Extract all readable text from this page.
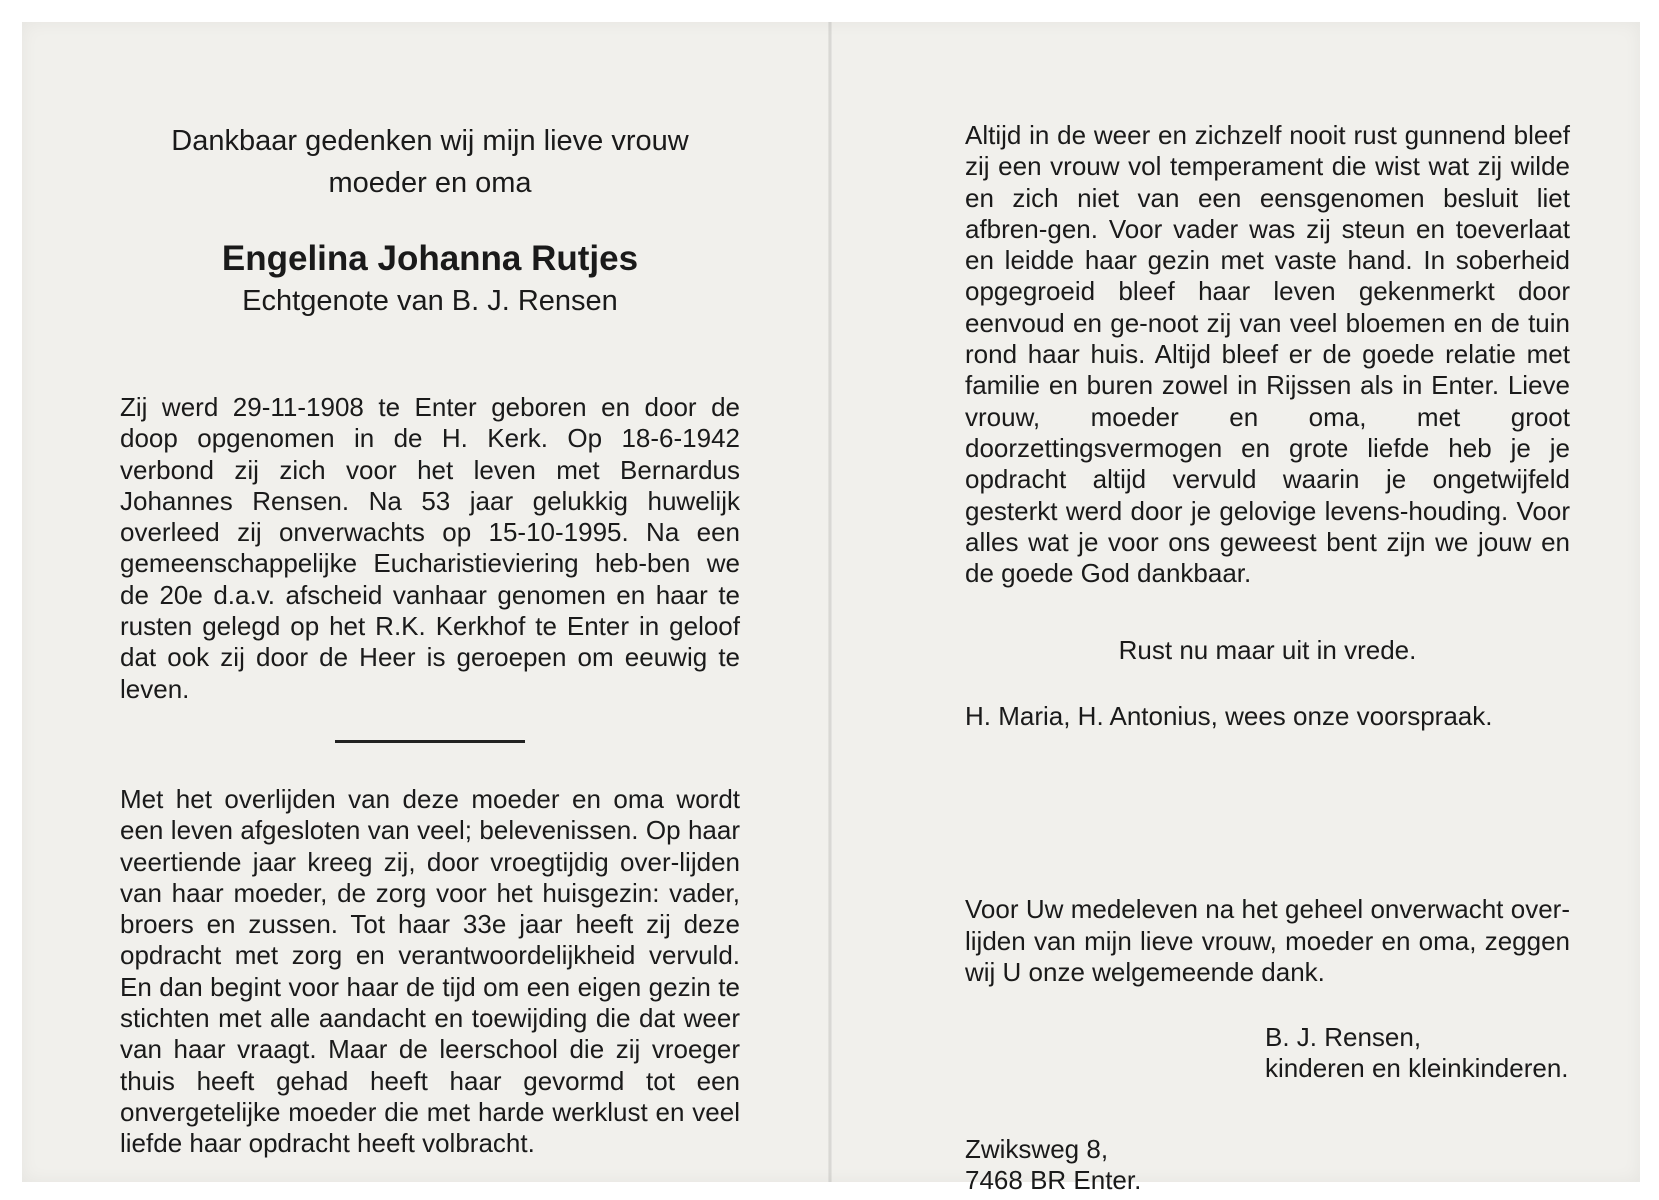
Dankbaar gedenken wij mijn lieve vrouw
moeder en oma

Engelina Johanna Rutjes

Echtgenote van B. J. Rensen

Zij werd 29-11-1908 te Enter geboren en door de doop opgenomen in de H. Kerk. Op 18-6-1942 verbond zij zich voor het leven met Bernardus Johannes Rensen. Na 53 jaar gelukkig huwelijk overleed zij onverwachts op 15-10-1995. Na een gemeenschappelijke Eucharistieviering heb-ben we de 20e d.a.v. afscheid vanhaar genomen en haar te rusten gelegd op het R.K. Kerkhof te Enter in geloof dat ook zij door de Heer is geroepen om eeuwig te leven.

Met het overlijden van deze moeder en oma wordt een leven afgesloten van veel; belevenissen. Op haar veertiende jaar kreeg zij, door vroegtijdig over-lijden van haar moeder, de zorg voor het huisgezin: vader, broers en zussen. Tot haar 33e jaar heeft zij deze opdracht met zorg en verantwoordelijkheid vervuld. En dan begint voor haar de tijd om een eigen gezin te stichten met alle aandacht en toewijding die dat weer van haar vraagt. Maar de leerschool die zij vroeger thuis heeft gehad heeft haar gevormd tot een onvergetelijke moeder die met harde werklust en veel liefde haar opdracht heeft volbracht.

Altijd in de weer en zichzelf nooit rust gunnend bleef zij een vrouw vol temperament die wist wat zij wilde en zich niet van een eensgenomen besluit liet afbren-gen. Voor vader was zij steun en toeverlaat en leidde haar gezin met vaste hand. In soberheid opgegroeid bleef haar leven gekenmerkt door eenvoud en ge-noot zij van veel bloemen en de tuin rond haar huis. Altijd bleef er de goede relatie met familie en buren zowel in Rijssen als in Enter. Lieve vrouw, moeder en oma, met groot doorzettingsvermogen en grote liefde heb je je opdracht altijd vervuld waarin je ongetwijfeld gesterkt werd door je gelovige levens-houding. Voor alles wat je voor ons geweest bent zijn we jouw en de goede God dankbaar.

Rust nu maar uit in vrede.

H. Maria, H. Antonius, wees onze voorspraak.

Voor Uw medeleven na het geheel onverwacht over-lijden van mijn lieve vrouw, moeder en oma, zeggen wij U onze welgemeende dank.

B. J. Rensen,
kinderen en kleinkinderen.
Zwiksweg 8,
7468 BR Enter.
